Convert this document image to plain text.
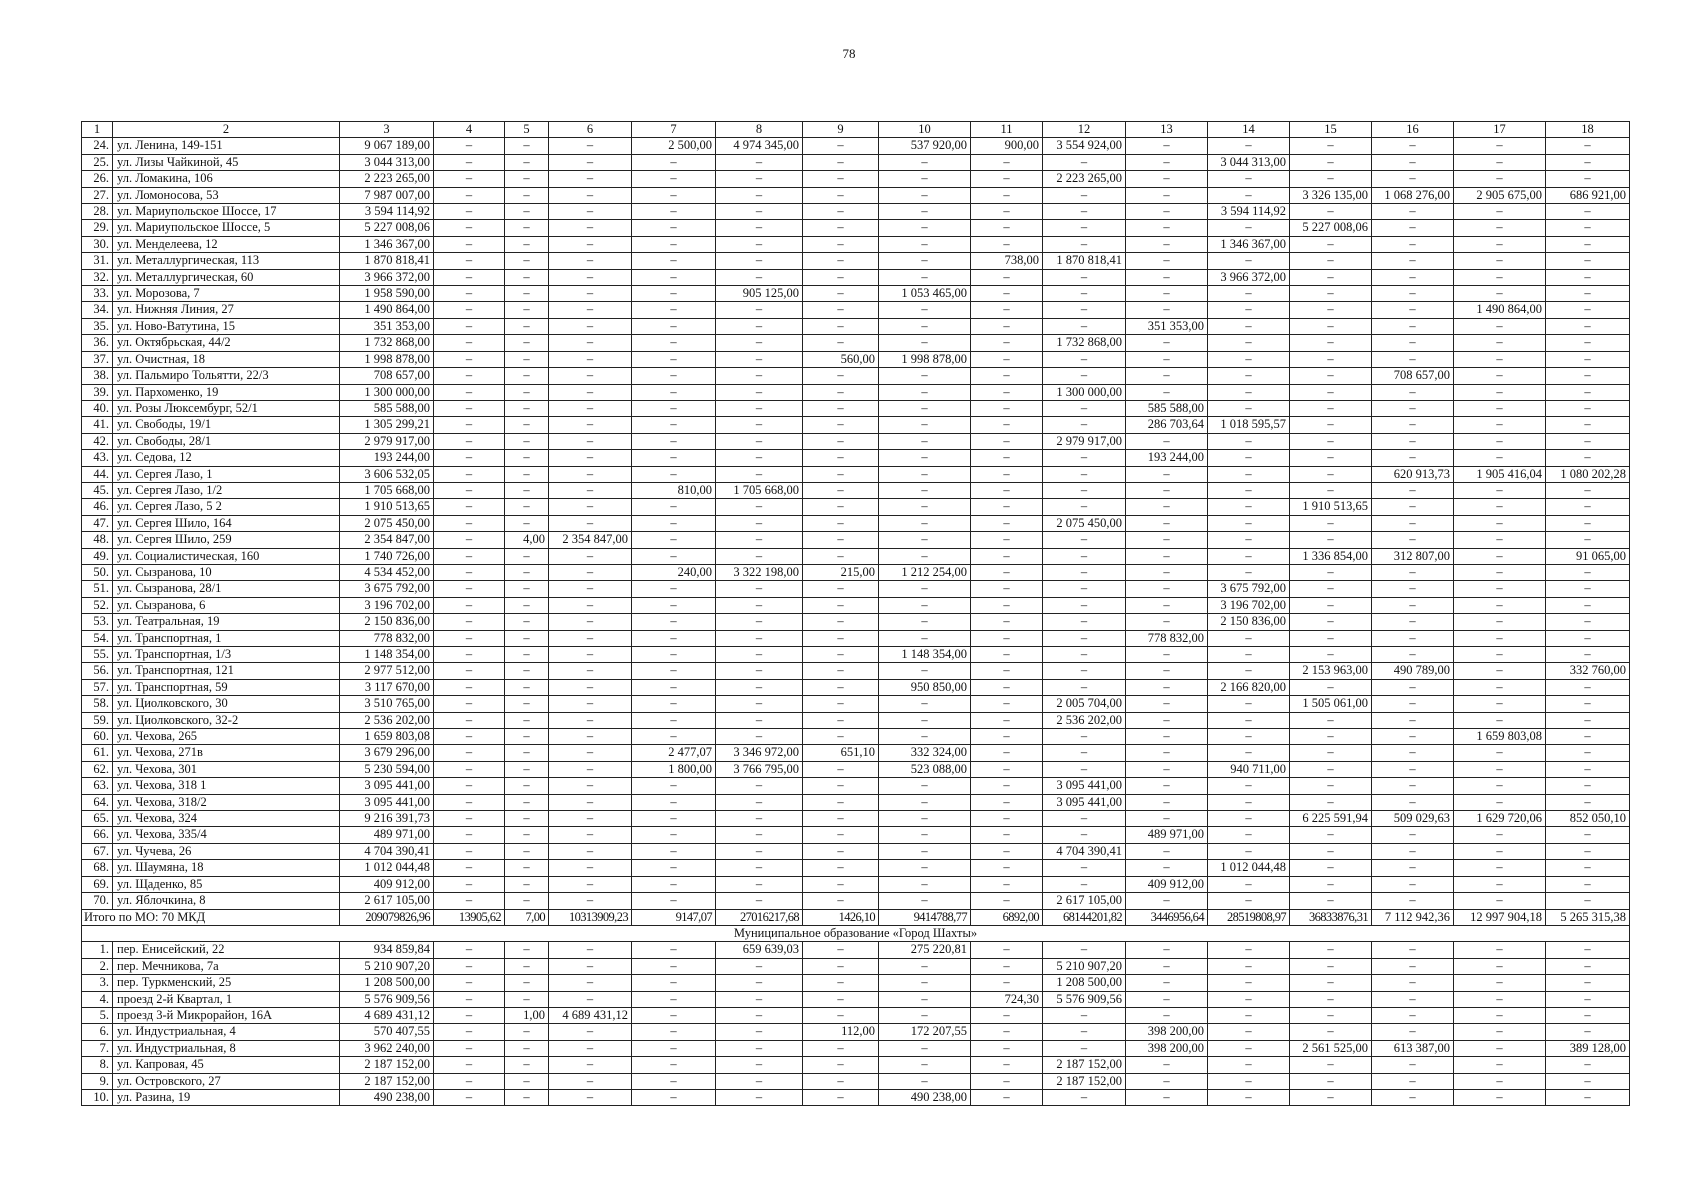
78
1	2	3	4	5	6	7	8	9	10	11	12	13	14	15	16	17	18
24.	ул. Ленина, 149-151	9 067 189,00	–	–	–	2 500,00	4 974 345,00	–	537 920,00	900,00	3 554 924,00	–	–	–	–	–	–
25.	ул. Лизы Чайкиной, 45	3 044 313,00	–	–	–	–	–	–	–	–	–	–	3 044 313,00	–	–	–	–
26.	ул. Ломакина, 106	2 223 265,00	–	–	–	–	–	–	–	–	2 223 265,00	–	–	–	–	–	–
27.	ул. Ломоносова, 53	7 987 007,00	–	–	–	–	–	–	–	–	–	–	–	3 326 135,00	1 068 276,00	2 905 675,00	686 921,00
28.	ул. Мариупольское Шоссе, 17	3 594 114,92	–	–	–	–	–	–	–	–	–	–	3 594 114,92	–	–	–	–
29.	ул. Мариупольское Шоссе, 5	5 227 008,06	–	–	–	–	–	–	–	–	–	–	–	5 227 008,06	–	–	–
30.	ул. Менделеева, 12	1 346 367,00	–	–	–	–	–	–	–	–	–	–	1 346 367,00	–	–	–	–
31.	ул. Металлургическая, 113	1 870 818,41	–	–	–	–	–	–	–	738,00	1 870 818,41	–	–	–	–	–	–
32.	ул. Металлургическая, 60	3 966 372,00	–	–	–	–	–	–	–	–	–	–	3 966 372,00	–	–	–	–
33.	ул. Морозова, 7	1 958 590,00	–	–	–	–	905 125,00	–	1 053 465,00	–	–	–	–	–	–	–	–
34.	ул. Нижняя Линия, 27	1 490 864,00	–	–	–	–	–	–	–	–	–	–	–	–	–	1 490 864,00	–
35.	ул. Ново-Ватутина, 15	351 353,00	–	–	–	–	–	–	–	–	–	351 353,00	–	–	–	–	–
36.	ул. Октябрьская, 44/2	1 732 868,00	–	–	–	–	–	–	–	–	1 732 868,00	–	–	–	–	–	–
37.	ул. Очистная, 18	1 998 878,00	–	–	–	–	–	560,00	1 998 878,00	–	–	–	–	–	–	–	–
38.	ул. Пальмиро Тольятти, 22/3	708 657,00	–	–	–	–	–	–	–	–	–	–	–	–	708 657,00	–	–
39.	ул. Пархоменко, 19	1 300 000,00	–	–	–	–	–	–	–	–	1 300 000,00	–	–	–	–	–	–
40.	ул. Розы Люксембург, 52/1	585 588,00	–	–	–	–	–	–	–	–	–	585 588,00	–	–	–	–	–
41.	ул. Свободы, 19/1	1 305 299,21	–	–	–	–	–	–	–	–	–	286 703,64	1 018 595,57	–	–	–	–
42.	ул. Свободы, 28/1	2 979 917,00	–	–	–	–	–	–	–	–	2 979 917,00	–	–	–	–	–	–
43.	ул. Седова, 12	193 244,00	–	–	–	–	–	–	–	–	–	193 244,00	–	–	–	–	–
44.	ул. Сергея Лазо, 1	3 606 532,05	–	–	–	–	–	–	–	–	–	–	–	–	620 913,73	1 905 416,04	1 080 202,28
45.	ул. Сергея Лазо, 1/2	1 705 668,00	–	–	–	810,00	1 705 668,00	–	–	–	–	–	–	–	–	–	–
46.	ул. Сергея Лазо, 5 2	1 910 513,65	–	–	–	–	–	–	–	–	–	–	–	1 910 513,65	–	–	–
47.	ул. Сергея Шило, 164	2 075 450,00	–	–	–	–	–	–	–	–	2 075 450,00	–	–	–	–	–	–
48.	ул. Сергея Шило, 259	2 354 847,00	–	4,00	2 354 847,00	–	–	–	–	–	–	–	–	–	–	–	–
49.	ул. Социалистическая, 160	1 740 726,00	–	–	–	–	–	–	–	–	–	–	–	1 336 854,00	312 807,00	–	91 065,00
50.	ул. Сызранова, 10	4 534 452,00	–	–	–	240,00	3 322 198,00	215,00	1 212 254,00	–	–	–	–	–	–	–	–
51.	ул. Сызранова, 28/1	3 675 792,00	–	–	–	–	–	–	–	–	–	–	3 675 792,00	–	–	–	–
52.	ул. Сызранова, 6	3 196 702,00	–	–	–	–	–	–	–	–	–	–	3 196 702,00	–	–	–	–
53.	ул. Театральная, 19	2 150 836,00	–	–	–	–	–	–	–	–	–	–	2 150 836,00	–	–	–	–
54.	ул. Транспортная, 1	778 832,00	–	–	–	–	–	–	–	–	–	778 832,00	–	–	–	–	–
55.	ул. Транспортная, 1/3	1 148 354,00	–	–	–	–	–	–	1 148 354,00	–	–	–	–	–	–	–	–
56.	ул. Транспортная, 121	2 977 512,00	–	–	–	–	–	–	–	–	–	–	–	2 153 963,00	490 789,00	–	332 760,00
57.	ул. Транспортная, 59	3 117 670,00	–	–	–	–	–	–	950 850,00	–	–	–	2 166 820,00	–	–	–	–
58.	ул. Циолковского, 30	3 510 765,00	–	–	–	–	–	–	–	–	2 005 704,00	–	–	1 505 061,00	–	–	–
59.	ул. Циолковского, 32-2	2 536 202,00	–	–	–	–	–	–	–	–	2 536 202,00	–	–	–	–	–	–
60.	ул. Чехова, 265	1 659 803,08	–	–	–	–	–	–	–	–	–	–	–	–	–	1 659 803,08	–
61.	ул. Чехова, 271в	3 679 296,00	–	–	–	2 477,07	3 346 972,00	651,10	332 324,00	–	–	–	–	–	–	–	–
62.	ул. Чехова, 301	5 230 594,00	–	–	–	1 800,00	3 766 795,00	–	523 088,00	–	–	–	940 711,00	–	–	–	–
63.	ул. Чехова, 318 1	3 095 441,00	–	–	–	–	–	–	–	–	3 095 441,00	–	–	–	–	–	–
64.	ул. Чехова, 318/2	3 095 441,00	–	–	–	–	–	–	–	–	3 095 441,00	–	–	–	–	–	–
65.	ул. Чехова, 324	9 216 391,73	–	–	–	–	–	–	–	–	–	–	–	6 225 591,94	509 029,63	1 629 720,06	852 050,10
66.	ул. Чехова, 335/4	489 971,00	–	–	–	–	–	–	–	–	–	489 971,00	–	–	–	–	–
67.	ул. Чучева, 26	4 704 390,41	–	–	–	–	–	–	–	–	4 704 390,41	–	–	–	–	–	–
68.	ул. Шаумяна, 18	1 012 044,48	–	–	–	–	–	–	–	–	–	–	1 012 044,48	–	–	–	–
69.	ул. Щаденко, 85	409 912,00	–	–	–	–	–	–	–	–	–	409 912,00	–	–	–	–	–
70.	ул. Яблочкина, 8	2 617 105,00	–	–	–	–	–	–	–	–	2 617 105,00	–	–	–	–	–	–
Итого по МО: 70 МКД		209079826,96	13905,62	7,00	10313909,23	9147,07	27016217,68	1426,10	9414788,77	6892,00	68144201,82	3446956,64	28519808,97	36833876,31	7 112 942,36	12 997 904,18	5 265 315,38
Муниципальное образование «Город Шахты»																	
1.	пер. Енисейский, 22	934 859,84	–	–	–	–	659 639,03	–	275 220,81	–	–	–	–	–	–	–	–
2.	пер. Мечникова, 7а	5 210 907,20	–	–	–	–	–	–	–	–	5 210 907,20	–	–	–	–	–	–
3.	пер. Туркменский, 25	1 208 500,00	–	–	–	–	–	–	–	–	1 208 500,00	–	–	–	–	–	–
4.	проезд 2-й Квартал, 1	5 576 909,56	–	–	–	–	–	–	–	724,30	5 576 909,56	–	–	–	–	–	–
5.	проезд 3-й Микрорайон, 16А	4 689 431,12	–	1,00	4 689 431,12	–	–	–	–	–	–	–	–	–	–	–	–
6.	ул. Индустриальная, 4	570 407,55	–	–	–	–	–	112,00	172 207,55	–	–	398 200,00	–	–	–	–	–
7.	ул. Индустриальная, 8	3 962 240,00	–	–	–	–	–	–	–	–	–	398 200,00	–	2 561 525,00	613 387,00	–	389 128,00
8.	ул. Капровая, 45	2 187 152,00	–	–	–	–	–	–	–	–	2 187 152,00	–	–	–	–	–	–
9.	ул. Островского, 27	2 187 152,00	–	–	–	–	–	–	–	–	2 187 152,00	–	–	–	–	–	–
10.	ул. Разина, 19	490 238,00	–	–	–	–	–	–	490 238,00	–	–	–	–	–	–	–	–
